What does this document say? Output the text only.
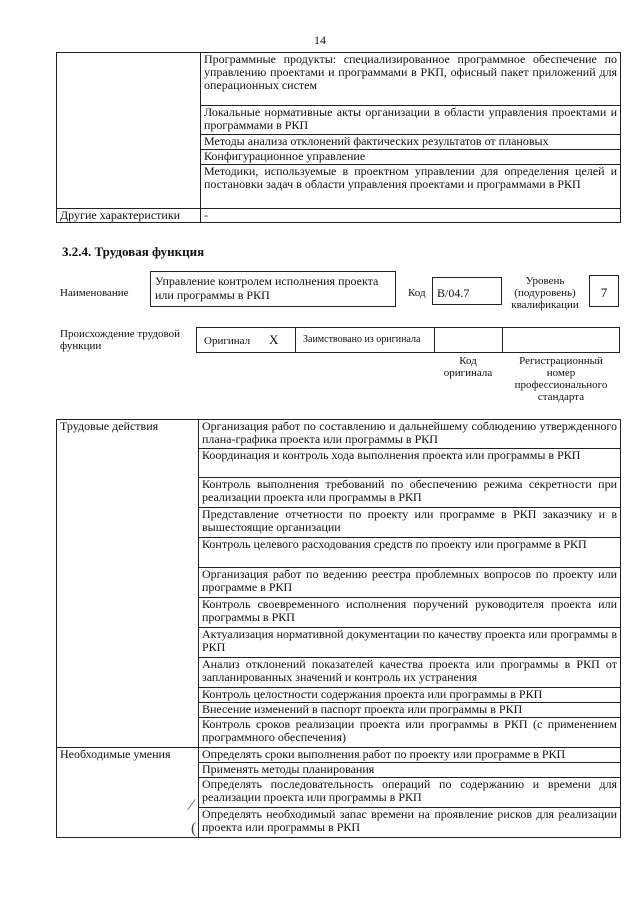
14
	Программные продукты: специализированное программное обеспечение по управлению проектами и программами в РКП, офисный пакет приложений для операционных систем
	Локальные нормативные акты организации в области управления проектами и программами в РКП
	Методы анализа отклонений фактических результатов от плановых
	Конфигурационное управление
	Методики, используемые в проектном управлении для определения целей и постановки задач в области управления проектами и программами в РКП
Другие характеристики	-
3.2.4. Трудовая функция
Наименование
Управление контролем исполнения проекта или программы в РКП	Код B/04.7
Уровень (подуровень) квалификации
7
Происхождение трудовой функции	Оригинал X	Заимствовано из оригинала
Код оригинала
Регистрационный номер профессионального стандарта
Трудовые действия	Организация работ по составлению и дальнейшему соблюдению утвержденного плана-графика проекта или программы в РКП
	Координация и контроль хода выполнения проекта или программы в РКП
	Контроль выполнения требований по обеспечению режима секретности при реализации проекта или программы в РКП
	Представление отчетности по проекту или программе в РКП заказчику и в вышестоящие организации
	Контроль целевого расходования средств по проекту или программе в РКП
	Организация работ по ведению реестра проблемных вопросов по проекту или программе в РКП
	Контроль своевременного исполнения поручений руководителя проекта или программы в РКП
	Актуализация нормативной документации по качеству проекта или программы в РКП
	Анализ отклонений показателей качества проекта или программы в РКП от запланированных значений и контроль их устранения
	Контроль целостности содержания проекта или программы в РКП
	Внесение изменений в паспорт проекта или программы в РКП
	Контроль сроков реализации проекта или программы в РКП (с применением программного обеспечения)
Необходимые умения	Определять сроки выполнения работ по проекту или программе в РКП
	Применять методы планирования
	Определять последовательность операций по содержанию и времени для реализации проекта или программы в РКП
	Определять необходимый запас времени на проявление рисков для реализации проекта или программы в РКП
⁄
(
